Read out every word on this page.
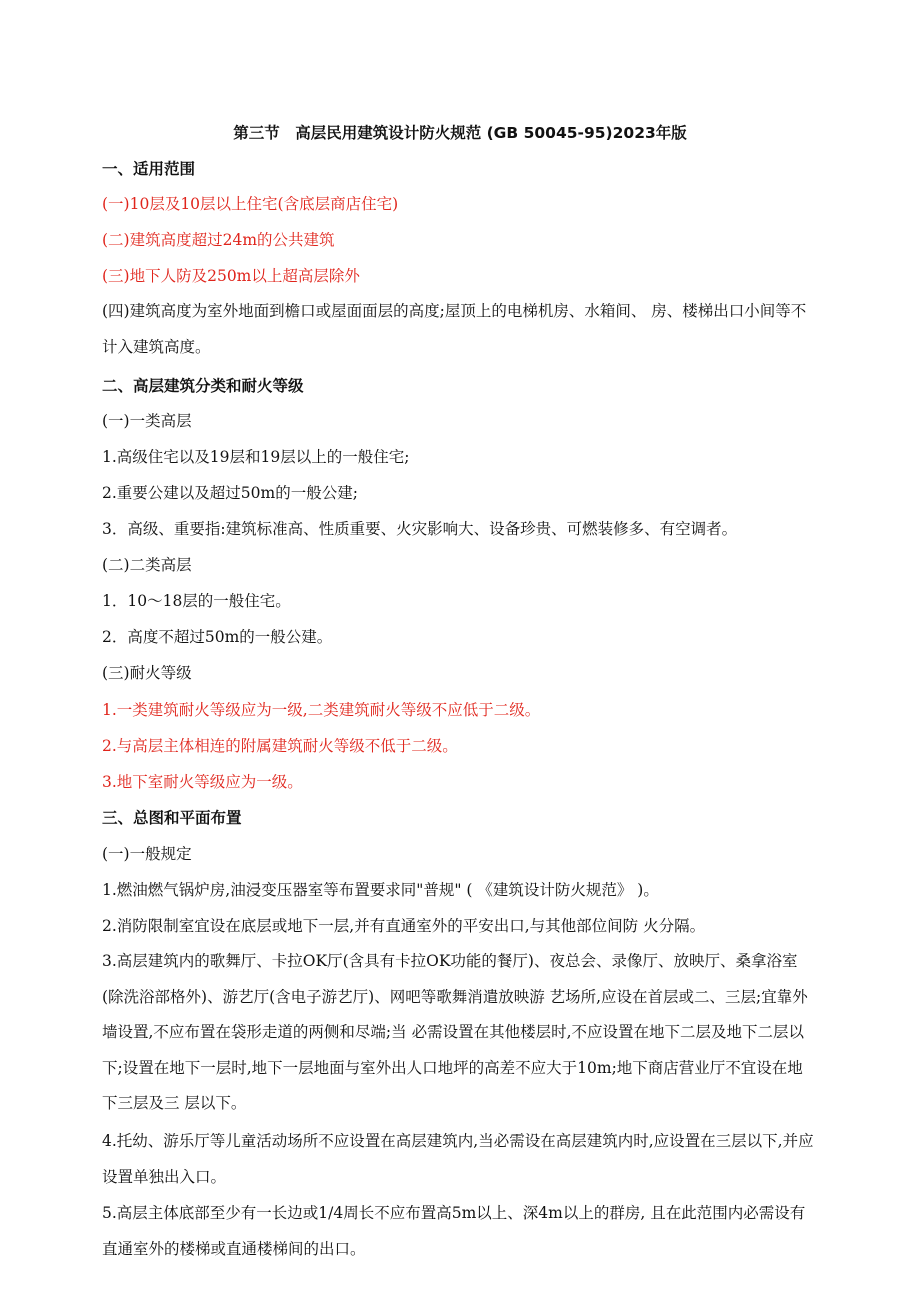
第三节　高层民用建筑设计防火规范 (GB 50045-95)2023年版
一、适用范围
(一)10层及10层以上住宅(含底层商店住宅)
(二)建筑高度超过24m的公共建筑
(三)地下人防及250m以上超高层除外
(四)建筑高度为室外地面到檐口或屋面面层的高度;屋顶上的电梯机房、水箱间、 房、楼梯出口小间等不计入建筑高度。
二、高层建筑分类和耐火等级
(一)一类高层
1.高级住宅以及19层和19层以上的一般住宅;
2.重要公建以及超过50m的一般公建;
3．高级、重要指:建筑标准高、性质重要、火灾影响大、设备珍贵、可燃装修多、有空调者。
(二)二类高层
1．10～18层的一般住宅。
2．高度不超过50m的一般公建。
(三)耐火等级
1.一类建筑耐火等级应为一级,二类建筑耐火等级不应低于二级。
2.与高层主体相连的附属建筑耐火等级不低于二级。
3.地下室耐火等级应为一级。
三、总图和平面布置
(一)一般规定
1.燃油燃气锅炉房,油浸变压器室等布置要求同"普规" ( 《建筑设计防火规范》 )。
2.消防限制室宜设在底层或地下一层,并有直通室外的平安出口,与其他部位间防 火分隔。
3.高层建筑内的歌舞厅、卡拉OK厅(含具有卡拉OK功能的餐厅)、夜总会、录像厅、放映厅、桑拿浴室(除洗浴部格外)、游艺厅(含电子游艺厅)、网吧等歌舞消遣放映游 艺场所,应设在首层或二、三层;宜靠外墙设置,不应布置在袋形走道的两侧和尽端;当 必需设置在其他楼层时,不应设置在地下二层及地下二层以下;设置在地下一层时,地下一层地面与室外出人口地坪的高差不应大于10m;地下商店营业厅不宜设在地下三层及三 层以下。
4.托幼、游乐厅等儿童活动场所不应设置在高层建筑内,当必需设在高层建筑内时,应设置在三层以下,并应设置单独出入口。
5.高层主体底部至少有一长边或1/4周长不应布置高5m以上、深4m以上的群房, 且在此范围内必需设有直通室外的楼梯或直通楼梯间的出口。
